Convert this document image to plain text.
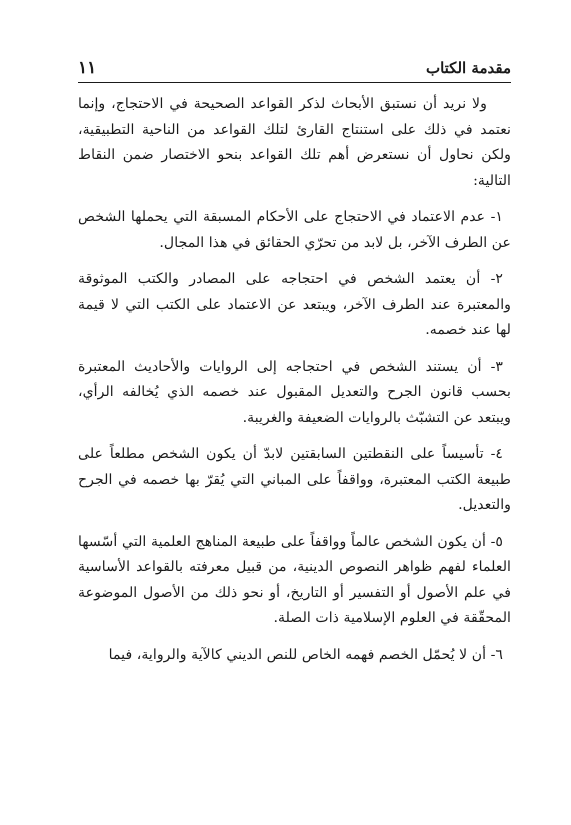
مقدمة الكتاب
١١

ولا نريد أن نستبق الأبحاث لذكر القواعد الصحيحة في الاحتجاج، وإنما نعتمد في ذلك على استنتاج القارئ لتلك القواعد من الناحية التطبيقية، ولكن نحاول أن نستعرض أهم تلك القواعد بنحو الاختصار ضمن النقاط التالية:

١- عدم الاعتماد في الاحتجاج على الأحكام المسبقة التي يحملها الشخص عن الطرف الآخر، بل لابد من تحرّي الحقائق في هذا المجال.

٢- أن يعتمد الشخص في احتجاجه على المصادر والكتب الموثوقة والمعتبرة عند الطرف الآخر، ويبتعد عن الاعتماد على الكتب التي لا قيمة لها عند خصمه.

٣- أن يستند الشخص في احتجاجه إلى الروايات والأحاديث المعتبرة بحسب قانون الجرح والتعديل المقبول عند خصمه الذي يُخالفه الرأي، ويبتعد عن التشبّث بالروايات الضعيفة والغريبة.

٤- تأسيساً على النقطتين السابقتين لابدّ أن يكون الشخص مطلعاً على طبيعة الكتب المعتبرة، وواقفاً على المباني التي يُقرّ بها خصمه في الجرح والتعديل.

٥- أن يكون الشخص عالماً وواقفاً على طبيعة المناهج العلمية التي أسّسها العلماء لفهم ظواهر النصوص الدينية، من قبيل معرفته بالقواعد الأساسية في علم الأصول أو التفسير أو التاريخ، أو نحو ذلك من الأصول الموضوعة المحقّقة في العلوم الإسلامية ذات الصلة.

٦- أن لا يُحمّل الخصم فهمه الخاص للنص الديني كالآية والرواية، فيما
